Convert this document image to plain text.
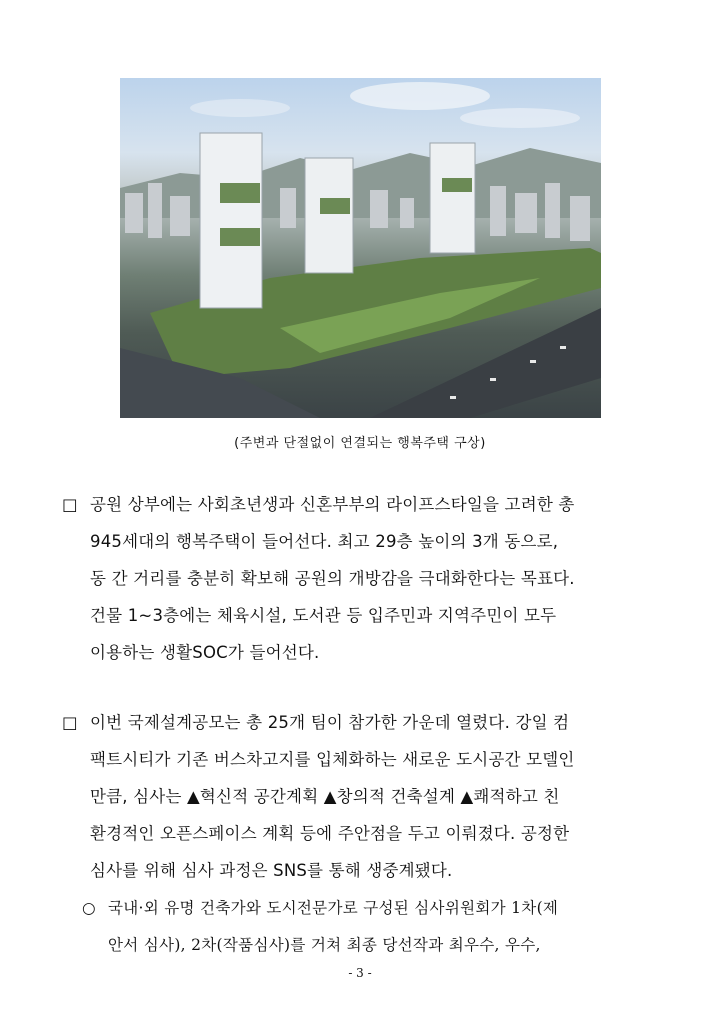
(주변과 단절없이 연결되는 행복주택 구상)
□ 공원 상부에는 사회초년생과 신혼부부의 라이프스타일을 고려한 총
945세대의 행복주택이 들어선다. 최고 29층 높이의 3개 동으로,
동 간 거리를 충분히 확보해 공원의 개방감을 극대화한다는 목표다.
건물 1~3층에는 체육시설, 도서관 등 입주민과 지역주민이 모두
이용하는 생활SOC가 들어선다.
□ 이번 국제설계공모는 총 25개 팀이 참가한 가운데 열렸다. 강일 컴
팩트시티가 기존 버스차고지를 입체화하는 새로운 도시공간 모델인
만큼, 심사는 ▲혁신적 공간계획 ▲창의적 건축설계 ▲쾌적하고 친
환경적인 오픈스페이스 계획 등에 주안점을 두고 이뤄졌다. 공정한
심사를 위해 심사 과정은 SNS를 통해 생중계됐다.
○ 국내·외 유명 건축가와 도시전문가로 구성된 심사위원회가 1차(제
안서 심사), 2차(작품심사)를 거쳐 최종 당선작과 최우수, 우수,
- 3 -
